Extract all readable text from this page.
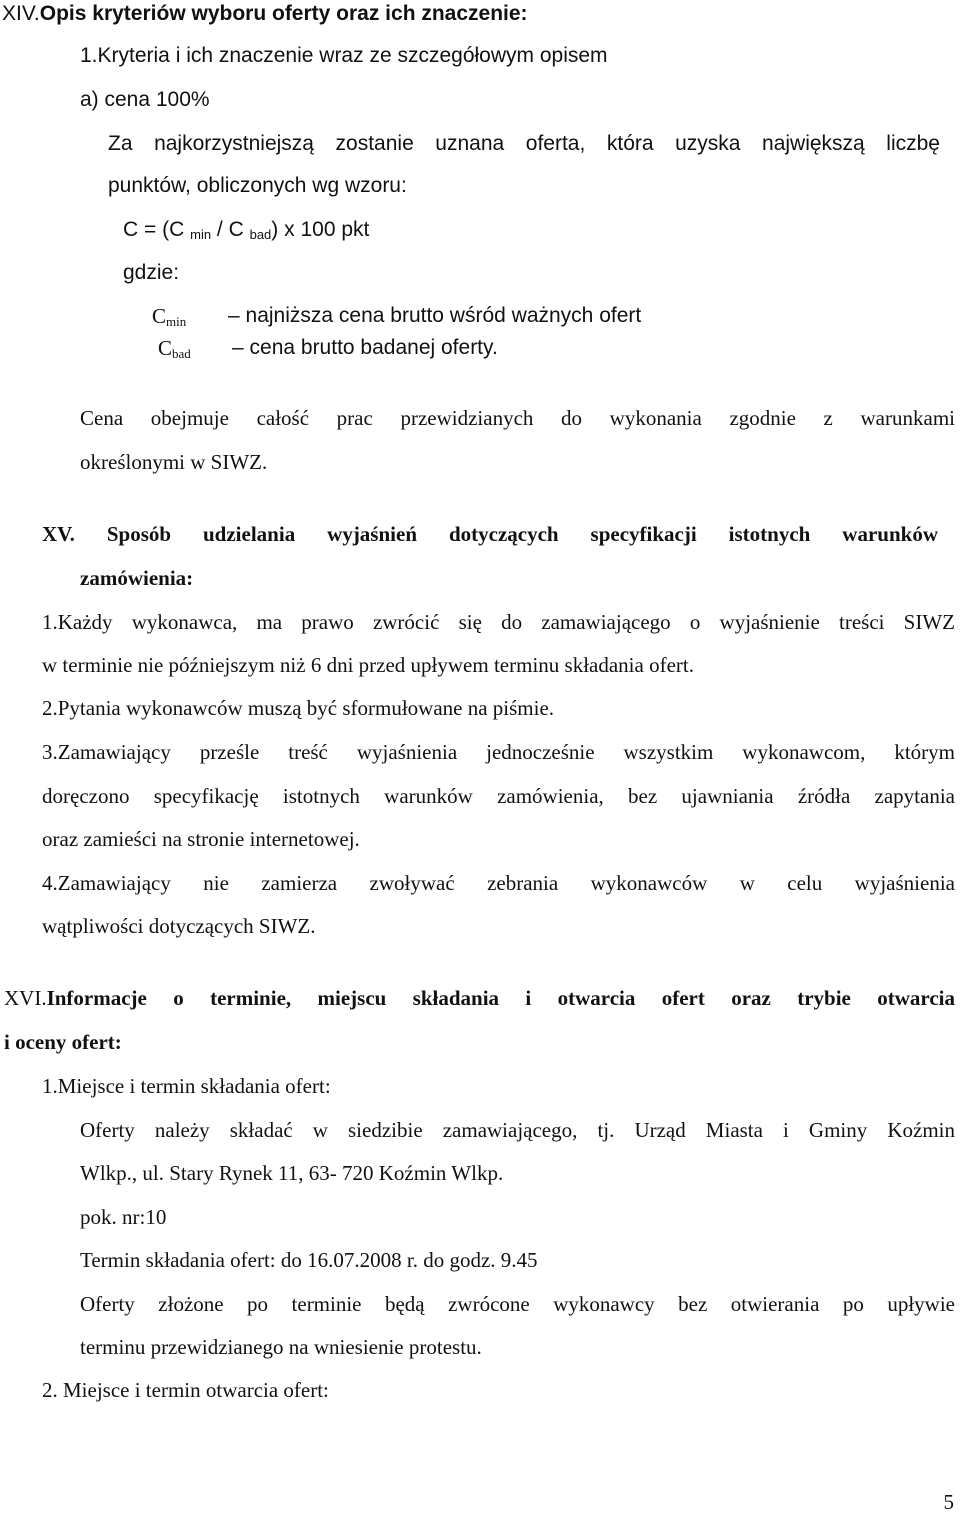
XIV.Opis kryteriów wyboru oferty oraz ich znaczenie:
1.Kryteria i ich znaczenie wraz ze szczegółowym opisem
a) cena 100%
Za najkorzystniejszą zostanie uznana oferta, która uzyska największą liczbę
punktów, obliczonych wg wzoru:
C = (C $_{min}$ / C $_{bad}$) x 100 pkt
gdzie:
$C_{min}$ – najniższa cena brutto wśród ważnych ofert
$C_{bad}$ – cena brutto badanej oferty.
Cena obejmuje całość prac przewidzianych do wykonania zgodnie z warunkami
określonymi w SIWZ.
XV. Sposób udzielania wyjaśnień dotyczących specyfikacji istotnych warunków
zamówienia:
1.Każdy wykonawca, ma prawo zwrócić się do zamawiającego o wyjaśnienie treści SIWZ
w terminie nie późniejszym niż 6 dni przed upływem terminu składania ofert.
2.Pytania wykonawców muszą być sformułowane na piśmie.
3.Zamawiający prześle treść wyjaśnienia jednocześnie wszystkim wykonawcom, którym
doręczono specyfikację istotnych warunków zamówienia, bez ujawniania źródła zapytania
oraz zamieści na stronie internetowej.
4.Zamawiający nie zamierza zwoływać zebrania wykonawców w celu wyjaśnienia
wątpliwości dotyczących SIWZ.
XVI.Informacje o terminie, miejscu składania i otwarcia ofert oraz trybie otwarcia
i oceny ofert:
1.Miejsce i termin składania ofert:
Oferty należy składać w siedzibie zamawiającego, tj. Urząd Miasta i Gminy Koźmin
Wlkp., ul. Stary Rynek 11, 63- 720 Koźmin Wlkp.
pok. nr:10
Termin składania ofert: do 16.07.2008 r. do godz. 9.45
Oferty złożone po terminie będą zwrócone wykonawcy bez otwierania po upływie
terminu przewidzianego na wniesienie protestu.
2. Miejsce i termin otwarcia ofert:
5
